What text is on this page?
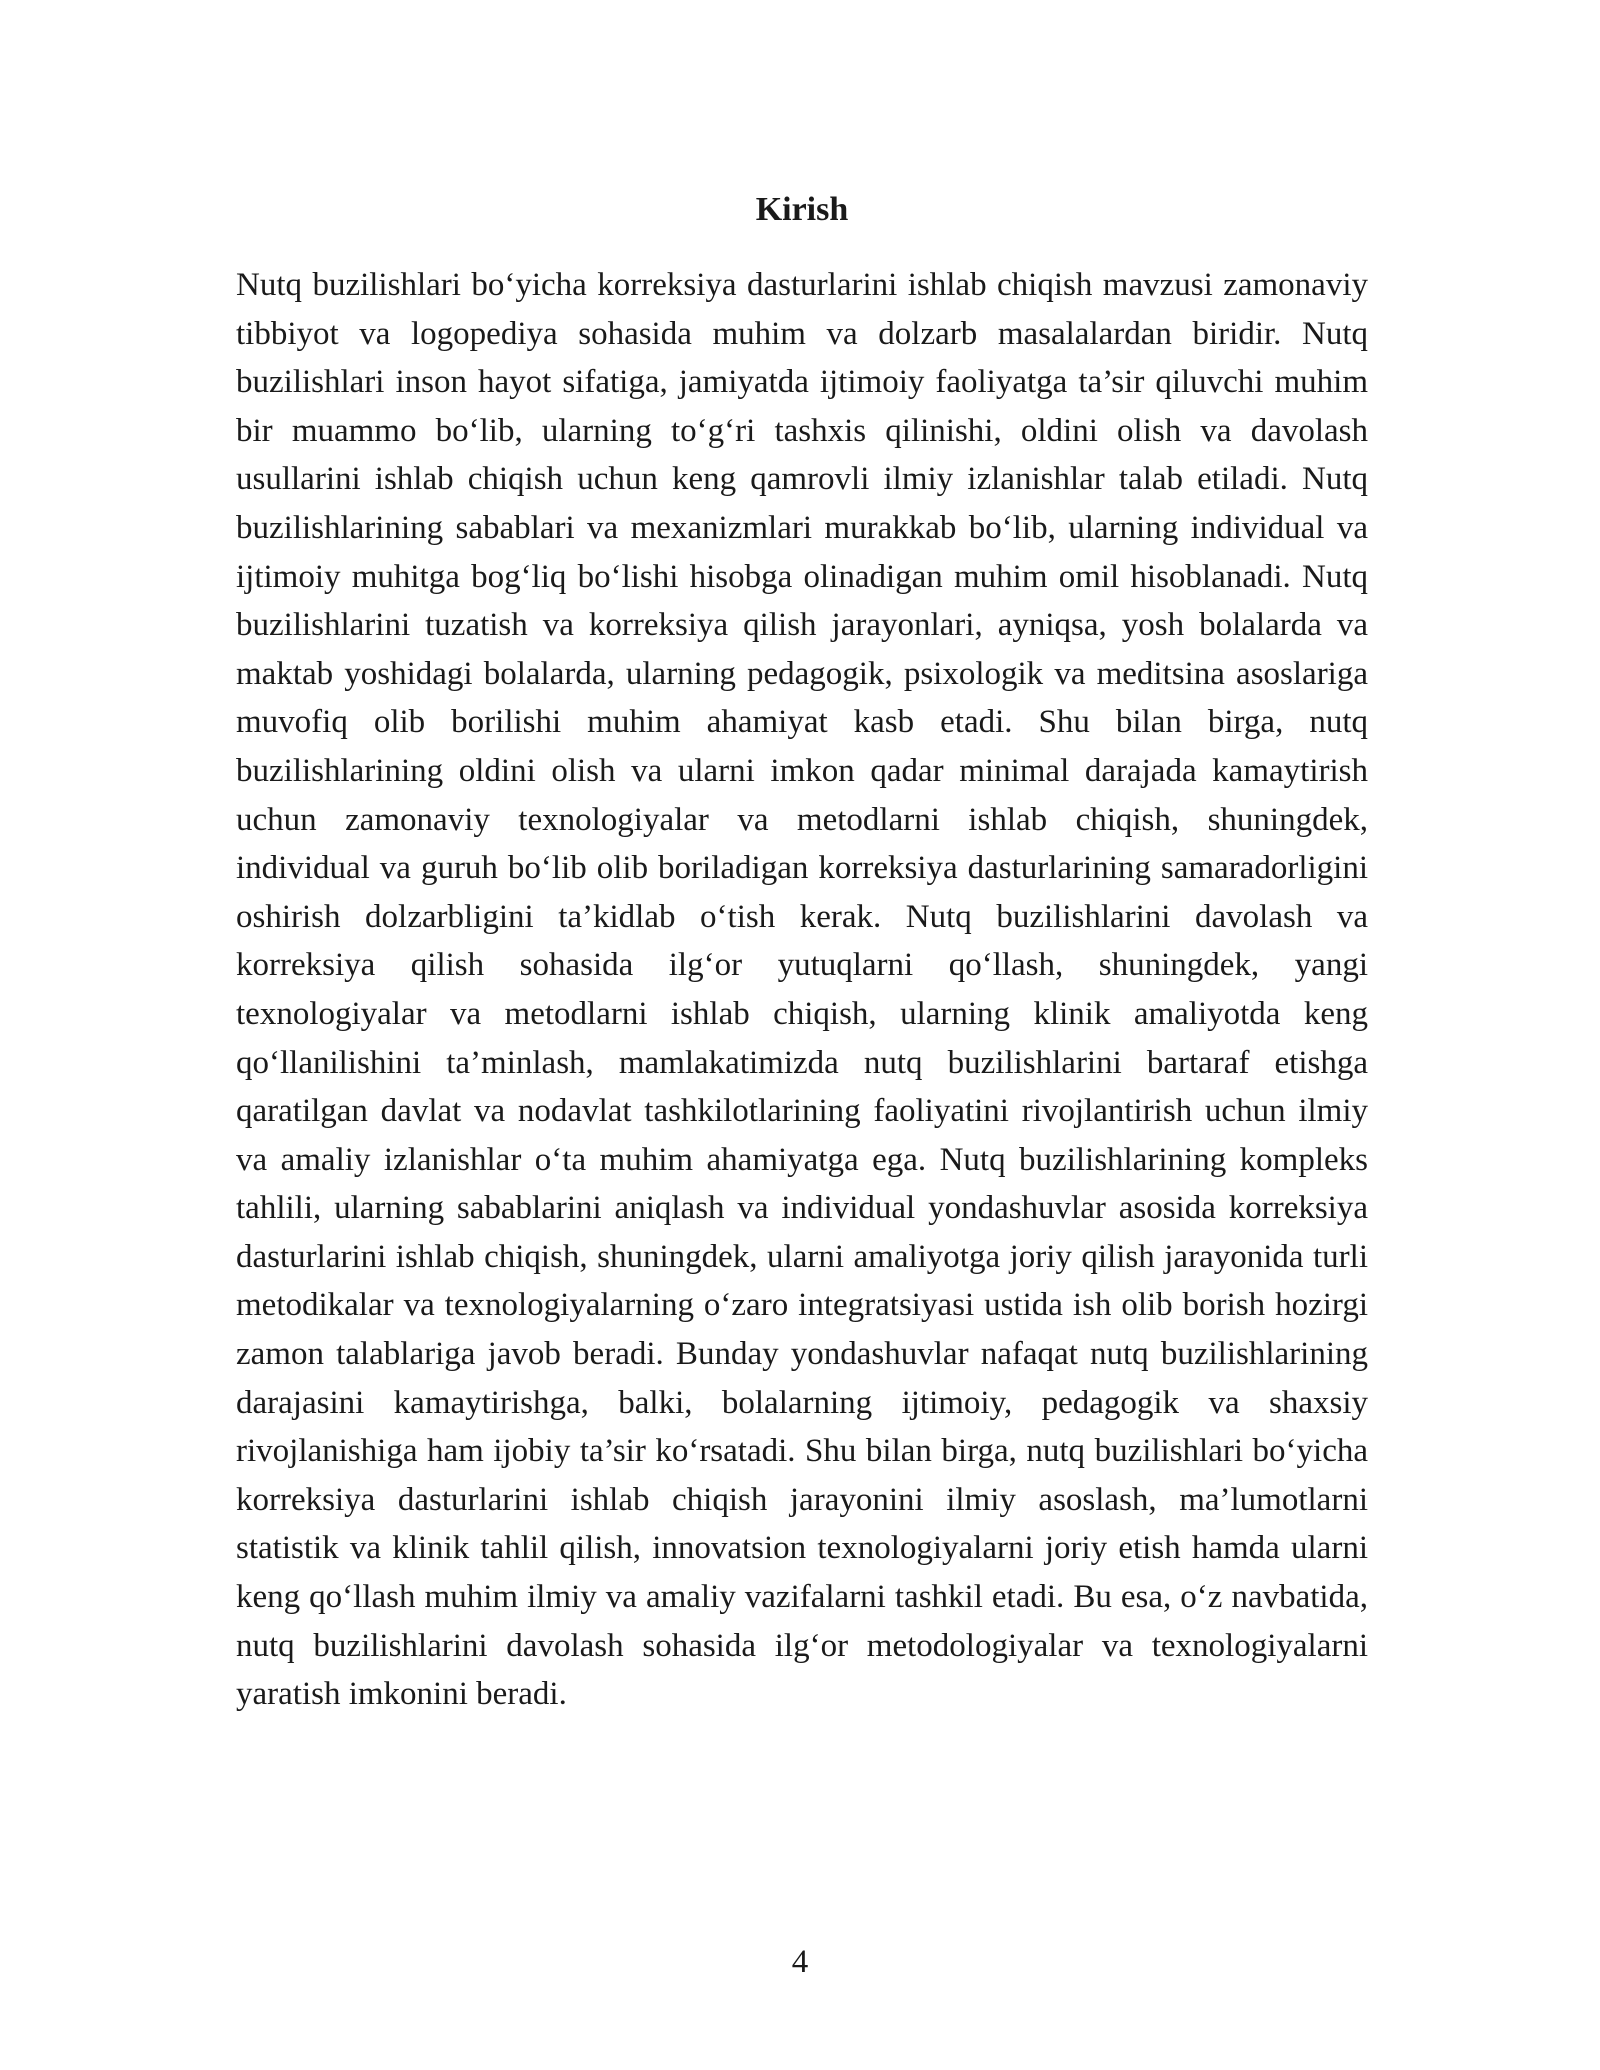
Kirish

Nutq buzilishlari bo‘yicha korreksiya dasturlarini ishlab chiqish mavzusi zamonaviy tibbiyot va logopediya sohasida muhim va dolzarb masalalardan biridir. Nutq buzilishlari inson hayot sifatiga, jamiyatda ijtimoiy faoliyatga ta’sir qiluvchi muhim bir muammo bo‘lib, ularning to‘g‘ri tashxis qilinishi, oldini olish va davolash usullarini ishlab chiqish uchun keng qamrovli ilmiy izlanishlar talab etiladi. Nutq buzilishlarining sabablari va mexanizmlari murakkab bo‘lib, ularning individual va ijtimoiy muhitga bog‘liq bo‘lishi hisobga olinadigan muhim omil hisoblanadi. Nutq buzilishlarini tuzatish va korreksiya qilish jarayonlari, ayniqsa, yosh bolalarda va maktab yoshidagi bolalarda, ularning pedagogik, psixologik va meditsina asoslariga muvofiq olib borilishi muhim ahamiyat kasb etadi. Shu bilan birga, nutq buzilishlarining oldini olish va ularni imkon qadar minimal darajada kamaytirish uchun zamonaviy texnologiyalar va metodlarni ishlab chiqish, shuningdek, individual va guruh bo‘lib olib boriladigan korreksiya dasturlarining samaradorligini oshirish dolzarbligini ta’kidlab o‘tish kerak. Nutq buzilishlarini davolash va korreksiya qilish sohasida ilg‘or yutuqlarni qo‘llash, shuningdek, yangi texnologiyalar va metodlarni ishlab chiqish, ularning klinik amaliyotda keng qo‘llanilishini ta’minlash, mamlakatimizda nutq buzilishlarini bartaraf etishga qaratilgan davlat va nodavlat tashkilotlarining faoliyatini rivojlantirish uchun ilmiy va amaliy izlanishlar o‘ta muhim ahamiyatga ega. Nutq buzilishlarining kompleks tahlili, ularning sabablarini aniqlash va individual yondashuvlar asosida korreksiya dasturlarini ishlab chiqish, shuningdek, ularni amaliyotga joriy qilish jarayonida turli metodikalar va texnologiyalarning o‘zaro integratsiyasi ustida ish olib borish hozirgi zamon talablariga javob beradi. Bunday yondashuvlar nafaqat nutq buzilishlarining darajasini kamaytirishga, balki, bolalarning ijtimoiy, pedagogik va shaxsiy rivojlanishiga ham ijobiy ta’sir ko‘rsatadi. Shu bilan birga, nutq buzilishlari bo‘yicha korreksiya dasturlarini ishlab chiqish jarayonini ilmiy asoslash, ma’lumotlarni statistik va klinik tahlil qilish, innovatsion texnologiyalarni joriy etish hamda ularni keng qo‘llash muhim ilmiy va amaliy vazifalarni tashkil etadi. Bu esa, o‘z navbatida, nutq buzilishlarini davolash sohasida ilg‘or metodologiyalar va texnologiyalarni yaratish imkonini beradi.

4
